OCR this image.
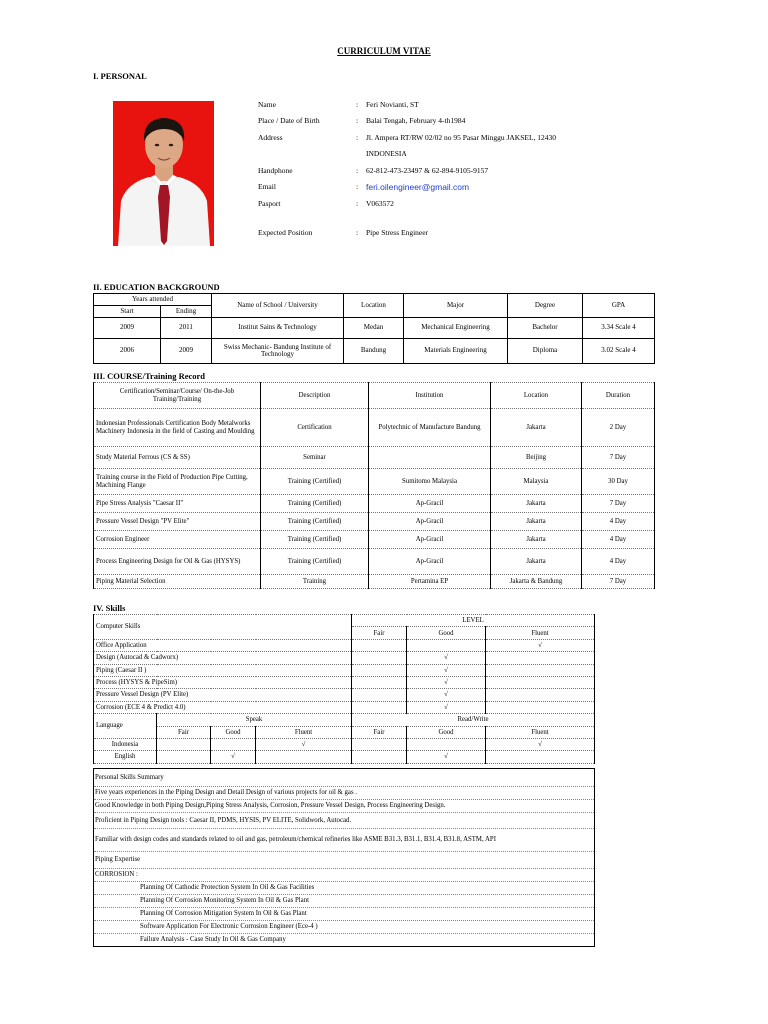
CURRICULUM VITAE
I. PERSONAL
Name	:	Feri Novianti, ST
Place / Date of Birth	:	Balai Tengah, February 4-th1984
Address	:	Jl. Ampera RT/RW 02/02 no 95 Pasar Minggu JAKSEL, 12430
INDONESIA
Handphone	:	62-812-473-23497 & 62-894-9105-9157
Email	: feri.oilengineer@gmail.com
Pasport	:	V063572
Expected Position	:	Pipe Stress Engineer
II. EDUCATION BACKGROUND
Years attended		Name of School / University	Location	Major	Degree	GPA
Start	Ending					
2009	2011	Institut Sains & Technology	Medan	Mechanical Engineering	Bachelor	3.34 Scale 4
2006	2009	Swiss Mechanic- Bandung Institute of Technology	Bandung	Materials Engineering	Diploma	3.02 Scale 4
III. COURSE/Training Record
Certification/Seminar/Course/ On-the-Job Training/Training	Description	Institution	Location	Duration
Indonesian Professionals Certification Body Metalworks Machinery Indonesia in the field of Casting and Moulding	Certification	Polytechnic of Manufacture Bandung	Jakarta	2 Day
Study Material Ferrous (CS & SS)	Seminar		Beijing	7 Day
Training course in the Field of Production Pipe Cutting, Machining Flange	Training (Certified)	Sumitomo Malaysia	Malaysia	30 Day
Pipe Stress Analysis "Caesar II"	Training (Certified)	Ap-Gracil	Jakarta	7 Day
Pressure Vessel Design "PV Elite"	Training (Certified)	Ap-Gracil	Jakarta	4 Day
Corrosion Engineer	Training (Certified)	Ap-Gracil	Jakarta	4 Day
Process Engineering Design for Oil & Gas (HYSYS)	Training (Certified)	Ap-Gracil	Jakarta	4 Day
Piping Material Selection	Training	Pertamina EP	Jakarta & Bandung	7 Day
IV. Skills
Computer Skills				LEVEL		
				Fair	Good	Fluent
Office Application						√
Design (Autocad & Cadworx)					√	
Piping (Caesar II )					√	
Process (HYSYS & PipeSim)					√	
Pressure Vessel Design (PV Elite)					√	
Corrosion (ECE 4 & Predict 4.0)					√	
Language	Speak			Read/Write		
	Fair	Good	Fluent	Fair	Good	Fluent
Indonesia			√			√
English		√			√	
Personal Skills Summary
Five years experiences in the Piping Design and Detail Design of various projects for oil & gas .
Good Knowledge in both Piping Design,Piping Stress Analysis, Corrosion, Pressure Vessel Design, Process Engineering Design.
Proficient in Piping Design tools : Caesar II, PDMS, HYSIS, PV ELITE, Solidwork, Autocad.
Familiar with design codes and standards related to oil and gas, petroleum/chemical refineries like ASME B31.3, B31.1, B31.4, B31.8, ASTM, API
Piping Expertise
CORROSION :
Planning Of Cathodic Protection System In Oil & Gas Facilities
Planning Of Corrosion Monitoring System In Oil & Gas Plant
Planning Of Corrosion Mitigation System In Oil & Gas Plant
Software Application For Electronic Corrosion Engineer (Ece-4 )
Failure Analysis - Case Study In Oil & Gas Company
